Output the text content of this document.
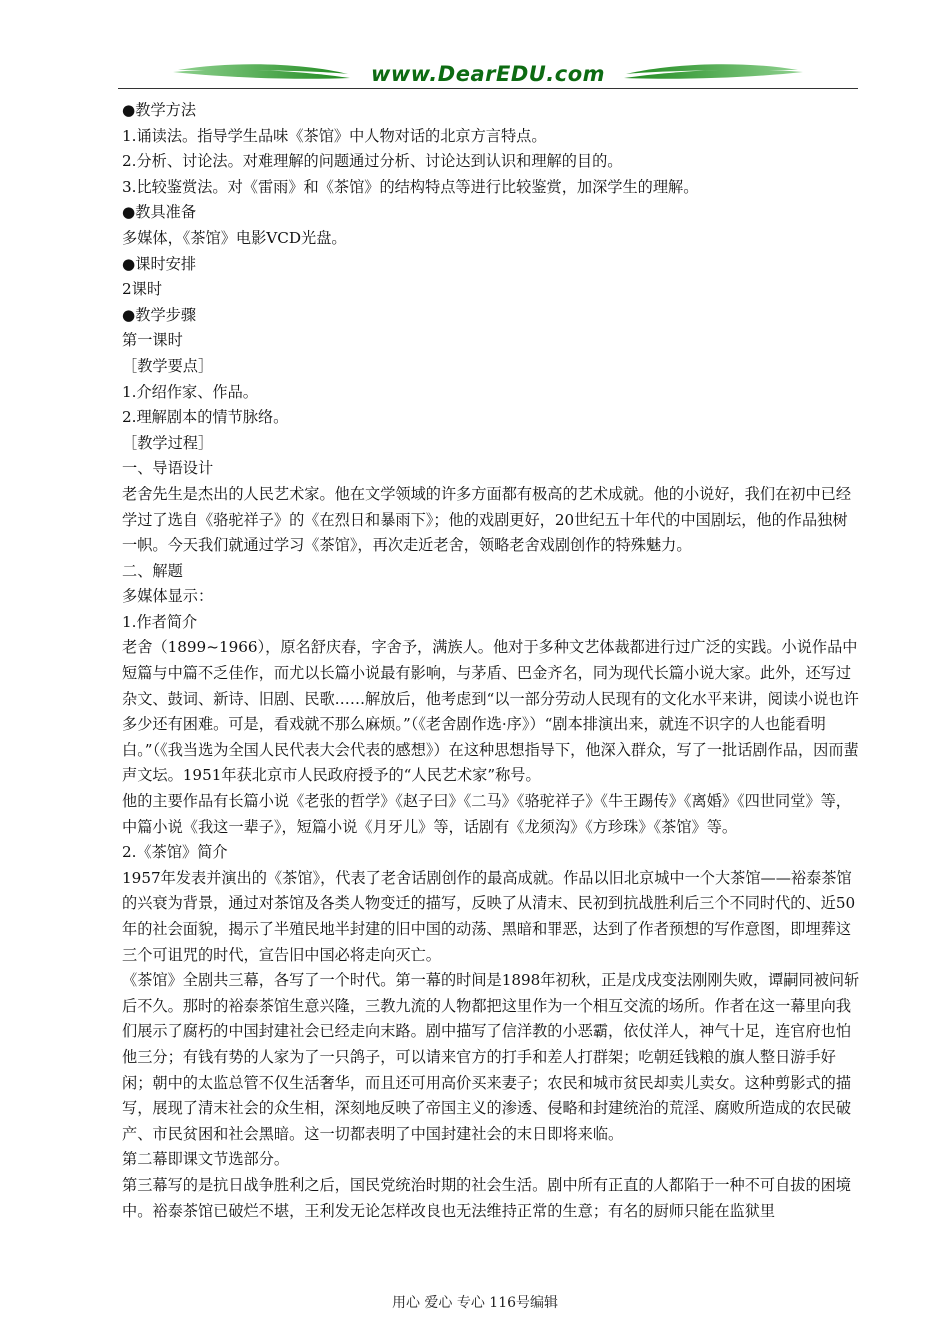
www.DearEDU.com

●教学方法

1.诵读法。指导学生品味《茶馆》中人物对话的北京方言特点。

2.分析、讨论法。对难理解的问题通过分析、讨论达到认识和理解的目的。

3.比较鉴赏法。对《雷雨》和《茶馆》的结构特点等进行比较鉴赏，加深学生的理解。

●教具准备

多媒体，《茶馆》电影VCD光盘。

●课时安排

2课时

●教学步骤

第一课时

［教学要点］

1.介绍作家、作品。

2.理解剧本的情节脉络。

［教学过程］

一、导语设计

老舍先生是杰出的人民艺术家。他在文学领域的许多方面都有极高的艺术成就。他的小说好，我们在初中已经学过了选自《骆驼祥子》的《在烈日和暴雨下》；他的戏剧更好，20世纪五十年代的中国剧坛，他的作品独树一帜。今天我们就通过学习《茶馆》，再次走近老舍，领略老舍戏剧创作的特殊魅力。

二、解题

多媒体显示：

1.作者简介

老舍（1899~1966），原名舒庆春，字舍予，满族人。他对于多种文艺体裁都进行过广泛的实践。小说作品中短篇与中篇不乏佳作，而尤以长篇小说最有影响，与茅盾、巴金齐名，同为现代长篇小说大家。此外，还写过杂文、鼓词、新诗、旧剧、民歌……解放后，他考虑到“以一部分劳动人民现有的文化水平来讲，阅读小说也许多少还有困难。可是，看戏就不那么麻烦。”（《老舍剧作选·序》）“剧本排演出来，就连不识字的人也能看明白。”（《我当选为全国人民代表大会代表的感想》）在这种思想指导下，他深入群众，写了一批话剧作品，因而蜚声文坛。1951年获北京市人民政府授予的“人民艺术家”称号。

他的主要作品有长篇小说《老张的哲学》《赵子曰》《二马》《骆驼祥子》《牛王踢传》《离婚》《四世同堂》等，中篇小说《我这一辈子》，短篇小说《月牙儿》等，话剧有《龙须沟》《方珍珠》《茶馆》等。

2.《茶馆》简介

1957年发表并演出的《茶馆》，代表了老舍话剧创作的最高成就。作品以旧北京城中一个大茶馆——裕泰茶馆的兴衰为背景，通过对茶馆及各类人物变迁的描写，反映了从清末、民初到抗战胜利后三个不同时代的、近50年的社会面貌，揭示了半殖民地半封建的旧中国的动荡、黑暗和罪恶，达到了作者预想的写作意图，即埋葬这三个可诅咒的时代，宣告旧中国必将走向灭亡。

《茶馆》全剧共三幕，各写了一个时代。第一幕的时间是1898年初秋，正是戊戌变法刚刚失败，谭嗣同被问斩后不久。那时的裕泰茶馆生意兴隆，三教九流的人物都把这里作为一个相互交流的场所。作者在这一幕里向我们展示了腐朽的中国封建社会已经走向末路。剧中描写了信洋教的小恶霸，依仗洋人，神气十足，连官府也怕他三分；有钱有势的人家为了一只鸽子，可以请来官方的打手和差人打群架；吃朝廷钱粮的旗人整日游手好闲；朝中的太监总管不仅生活奢华，而且还可用高价买来妻子；农民和城市贫民却卖儿卖女。这种剪影式的描写，展现了清末社会的众生相，深刻地反映了帝国主义的渗透、侵略和封建统治的荒淫、腐败所造成的农民破产、市民贫困和社会黑暗。这一切都表明了中国封建社会的末日即将来临。

第二幕即课文节选部分。

第三幕写的是抗日战争胜利之后，国民党统治时期的社会生活。剧中所有正直的人都陷于一种不可自拔的困境中。裕泰茶馆已破烂不堪，王利发无论怎样改良也无法维持正常的生意；有名的厨师只能在监狱里

用心 爱心 专心 116号编辑
